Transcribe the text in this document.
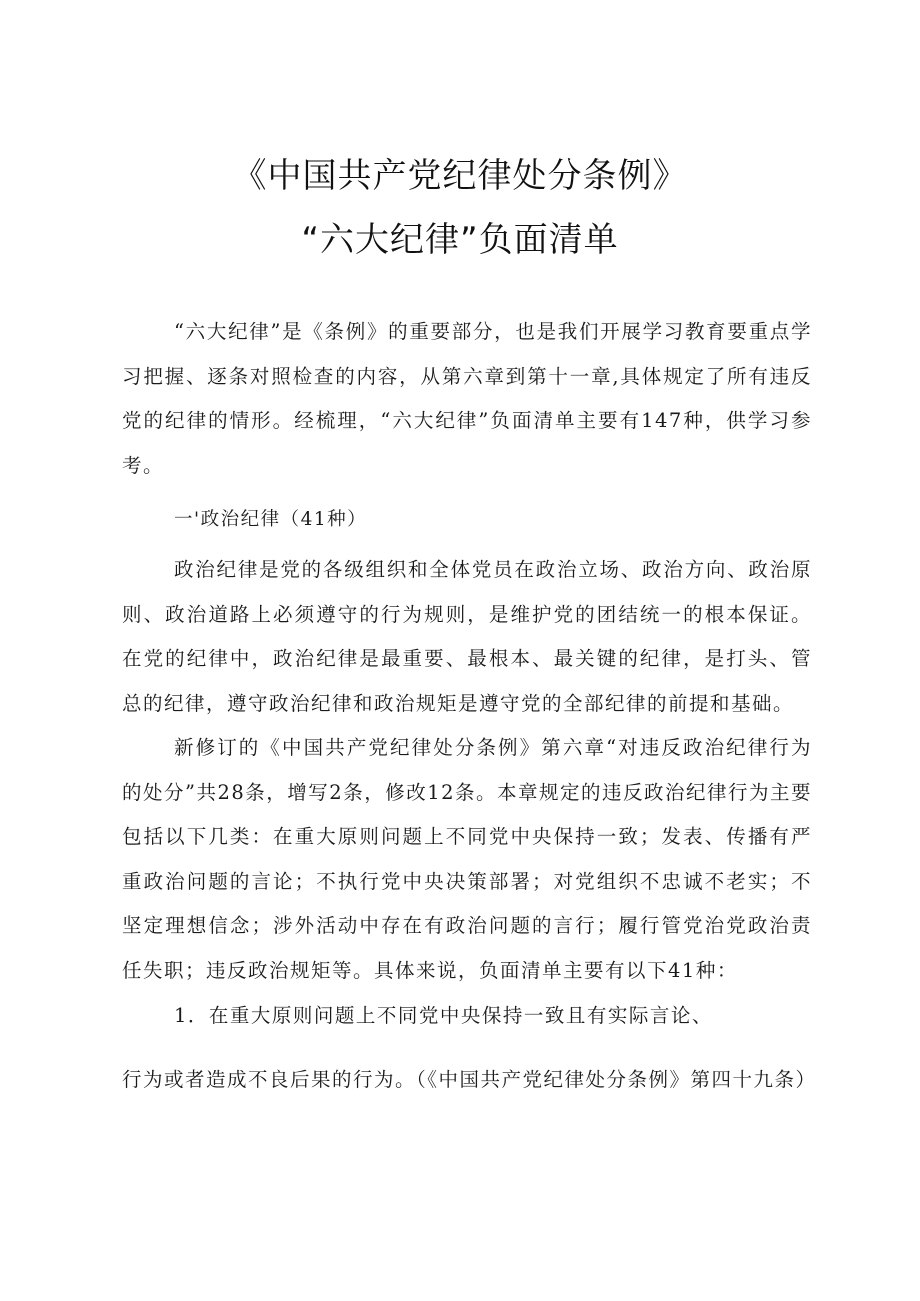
《中国共产党纪律处分条例》
“六大纪律”负面清单

“六大纪律”是《条例》的重要部分，也是我们开展学习教育要重点学习把握、逐条对照检查的内容，从第六章到第十一章,具体规定了所有违反党的纪律的情形。经梳理，“六大纪律”负面清单主要有147种，供学习参考。

一'政治纪律（41种）

政治纪律是党的各级组织和全体党员在政治立场、政治方向、政治原则、政治道路上必须遵守的行为规则，是维护党的团结统一的根本保证。在党的纪律中，政治纪律是最重要、最根本、最关键的纪律，是打头、管总的纪律，遵守政治纪律和政治规矩是遵守党的全部纪律的前提和基础。

新修订的《中国共产党纪律处分条例》第六章“对违反政治纪律行为的处分”共28条，增写2条，修改12条。本章规定的违反政治纪律行为主要包括以下几类：在重大原则问题上不同党中央保持一致；发表、传播有严重政治问题的言论；不执行党中央决策部署；对党组织不忠诚不老实；不坚定理想信念；涉外活动中存在有政治问题的言行；履行管党治党政治责任失职；违反政治规矩等。具体来说，负面清单主要有以下41种：

1．在重大原则问题上不同党中央保持一致且有实际言论、

行为或者造成不良后果的行为。（《中国共产党纪律处分条例》第四十九条）
